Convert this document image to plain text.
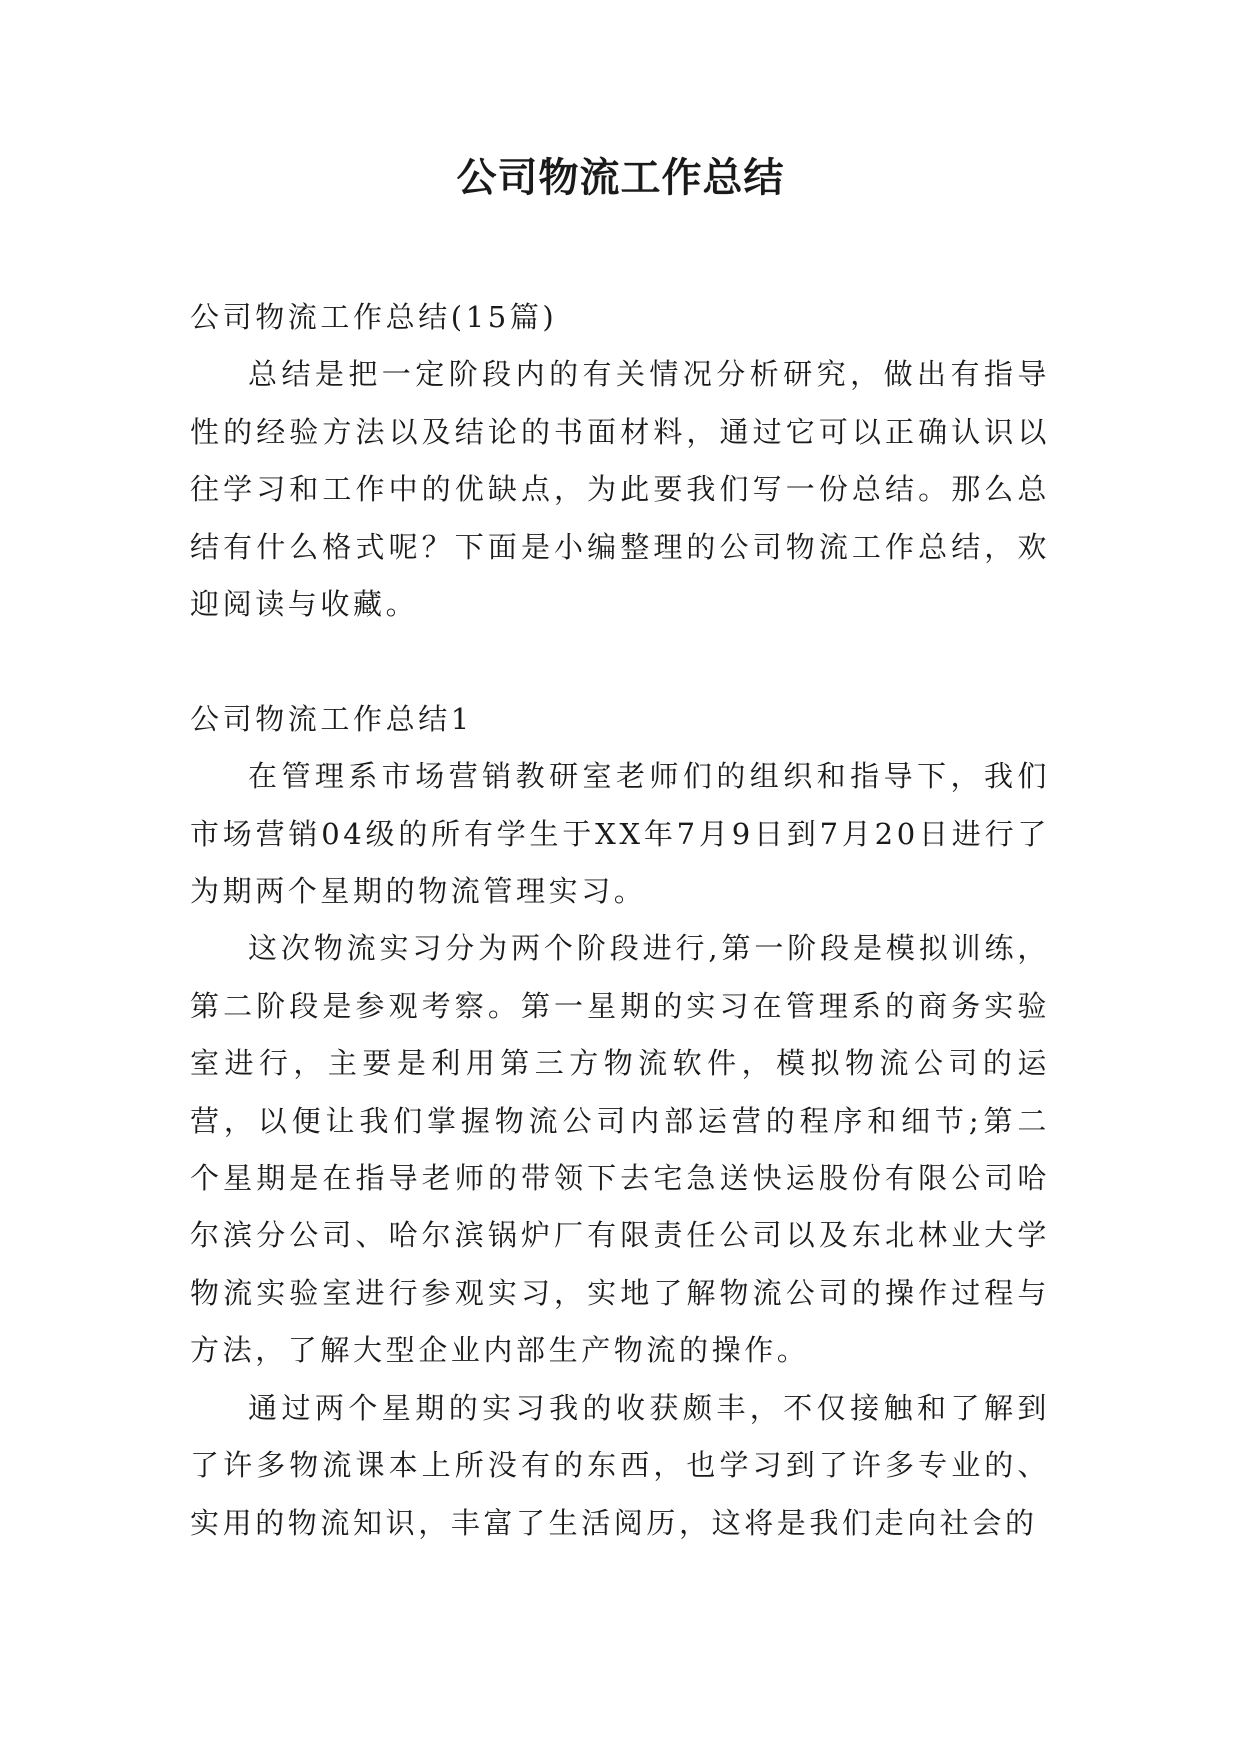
公司物流工作总结

公司物流工作总结(15篇)

总结是把一定阶段内的有关情况分析研究，做出有指导性的经验方法以及结论的书面材料，通过它可以正确认识以往学习和工作中的优缺点，为此要我们写一份总结。那么总结有什么格式呢？下面是小编整理的公司物流工作总结，欢迎阅读与收藏。

公司物流工作总结1

在管理系市场营销教研室老师们的组织和指导下，我们市场营销04级的所有学生于XX年7月9日到7月20日进行了为期两个星期的物流管理实习。

这次物流实习分为两个阶段进行,第一阶段是模拟训练，第二阶段是参观考察。第一星期的实习在管理系的商务实验室进行，主要是利用第三方物流软件，模拟物流公司的运营，以便让我们掌握物流公司内部运营的程序和细节;第二个星期是在指导老师的带领下去宅急送快运股份有限公司哈尔滨分公司、哈尔滨锅炉厂有限责任公司以及东北林业大学物流实验室进行参观实习，实地了解物流公司的操作过程与方法，了解大型企业内部生产物流的操作。

通过两个星期的实习我的收获颇丰，不仅接触和了解到了许多物流课本上所没有的东西，也学习到了许多专业的、实用的物流知识，丰富了生活阅历，这将是我们走向社会的
